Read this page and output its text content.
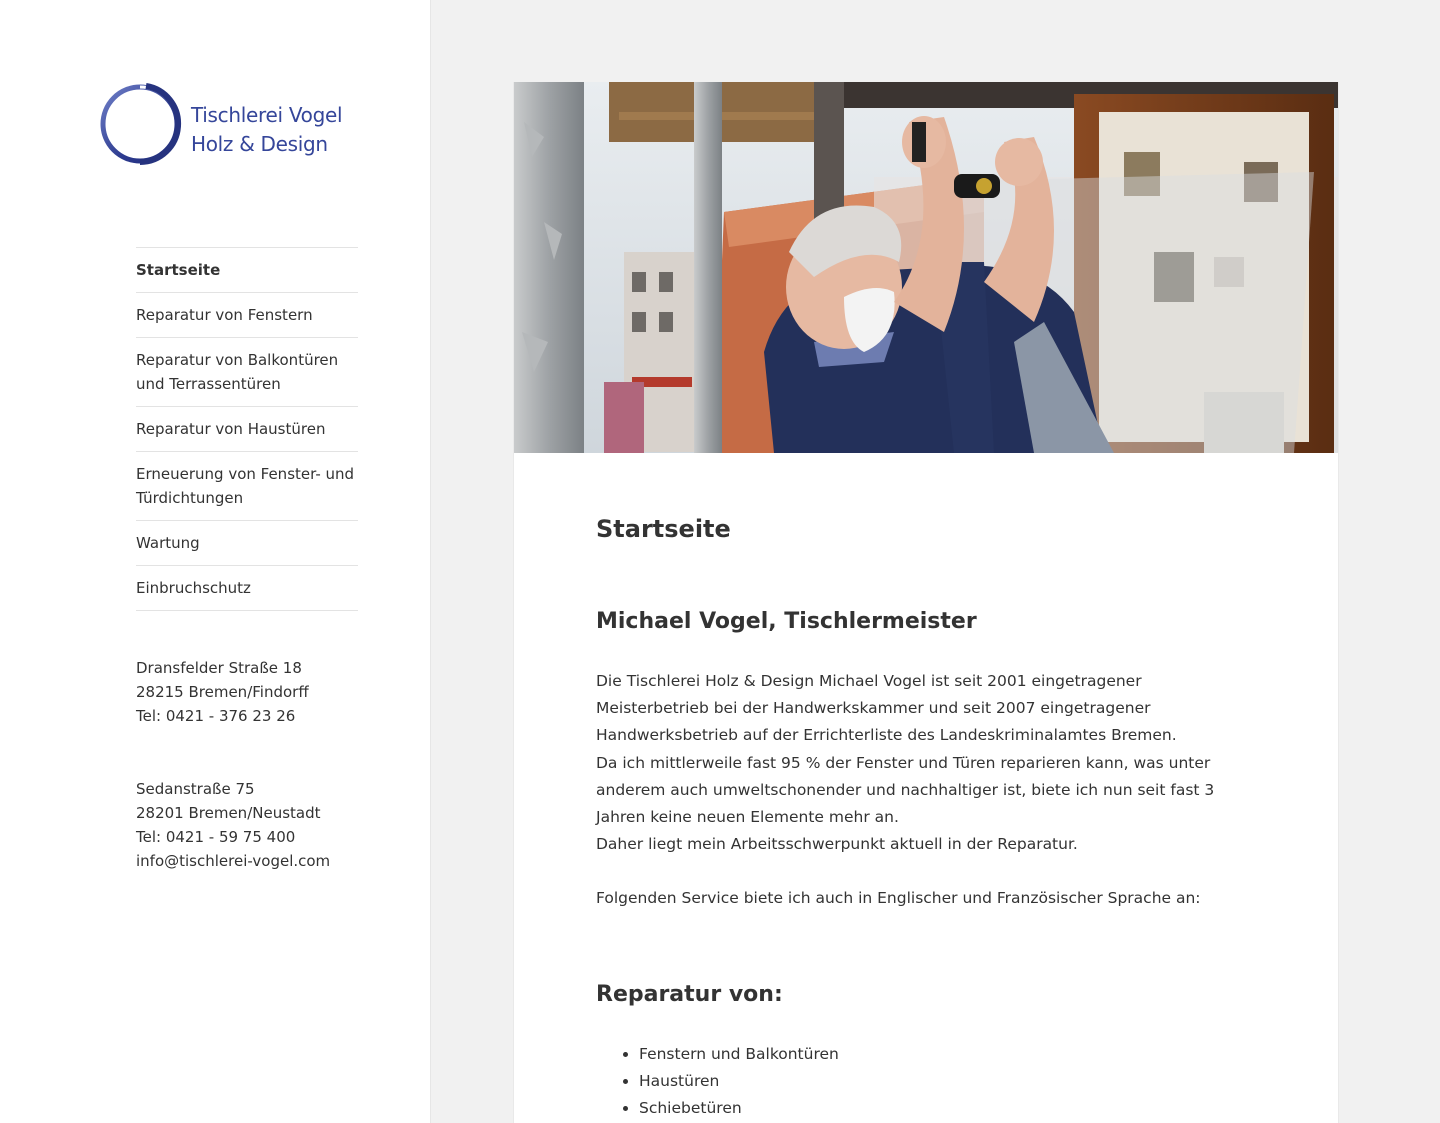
Tischlerei Vogel
Holz & Design
Startseite
Reparatur von Fenstern
Reparatur von Balkontüren und Terrassentüren
Reparatur von Haustüren
Erneuerung von Fenster- und Türdichtungen
Wartung
Einbruchschutz
Dransfelder Straße 18
28215 Bremen/Findorff
Tel: 0421 - 376 23 26
Sedanstraße 75
28201 Bremen/Neustadt
Tel: 0421 - 59 75 400
info@tischlerei-vogel.com
Startseite
Michael Vogel, Tischlermeister

Die Tischlerei Holz & Design Michael Vogel ist seit 2001 eingetragener Meisterbetrieb bei der Handwerkskammer und seit 2007 eingetragener Handwerksbetrieb auf der Errichterliste des Landeskriminalamtes Bremen.

Da ich mittlerweile fast 95 % der Fenster und Türen reparieren kann, was unter anderem auch umweltschonender und nachhaltiger ist, biete ich nun seit fast 3 Jahren keine neuen Elemente mehr an.

Daher liegt mein Arbeitsschwerpunkt aktuell in der Reparatur.

Folgenden Service biete ich auch in Englischer und Französischer Sprache an:

Reparatur von:
• Fenstern und Balkontüren
• Haustüren
• Schiebetüren
